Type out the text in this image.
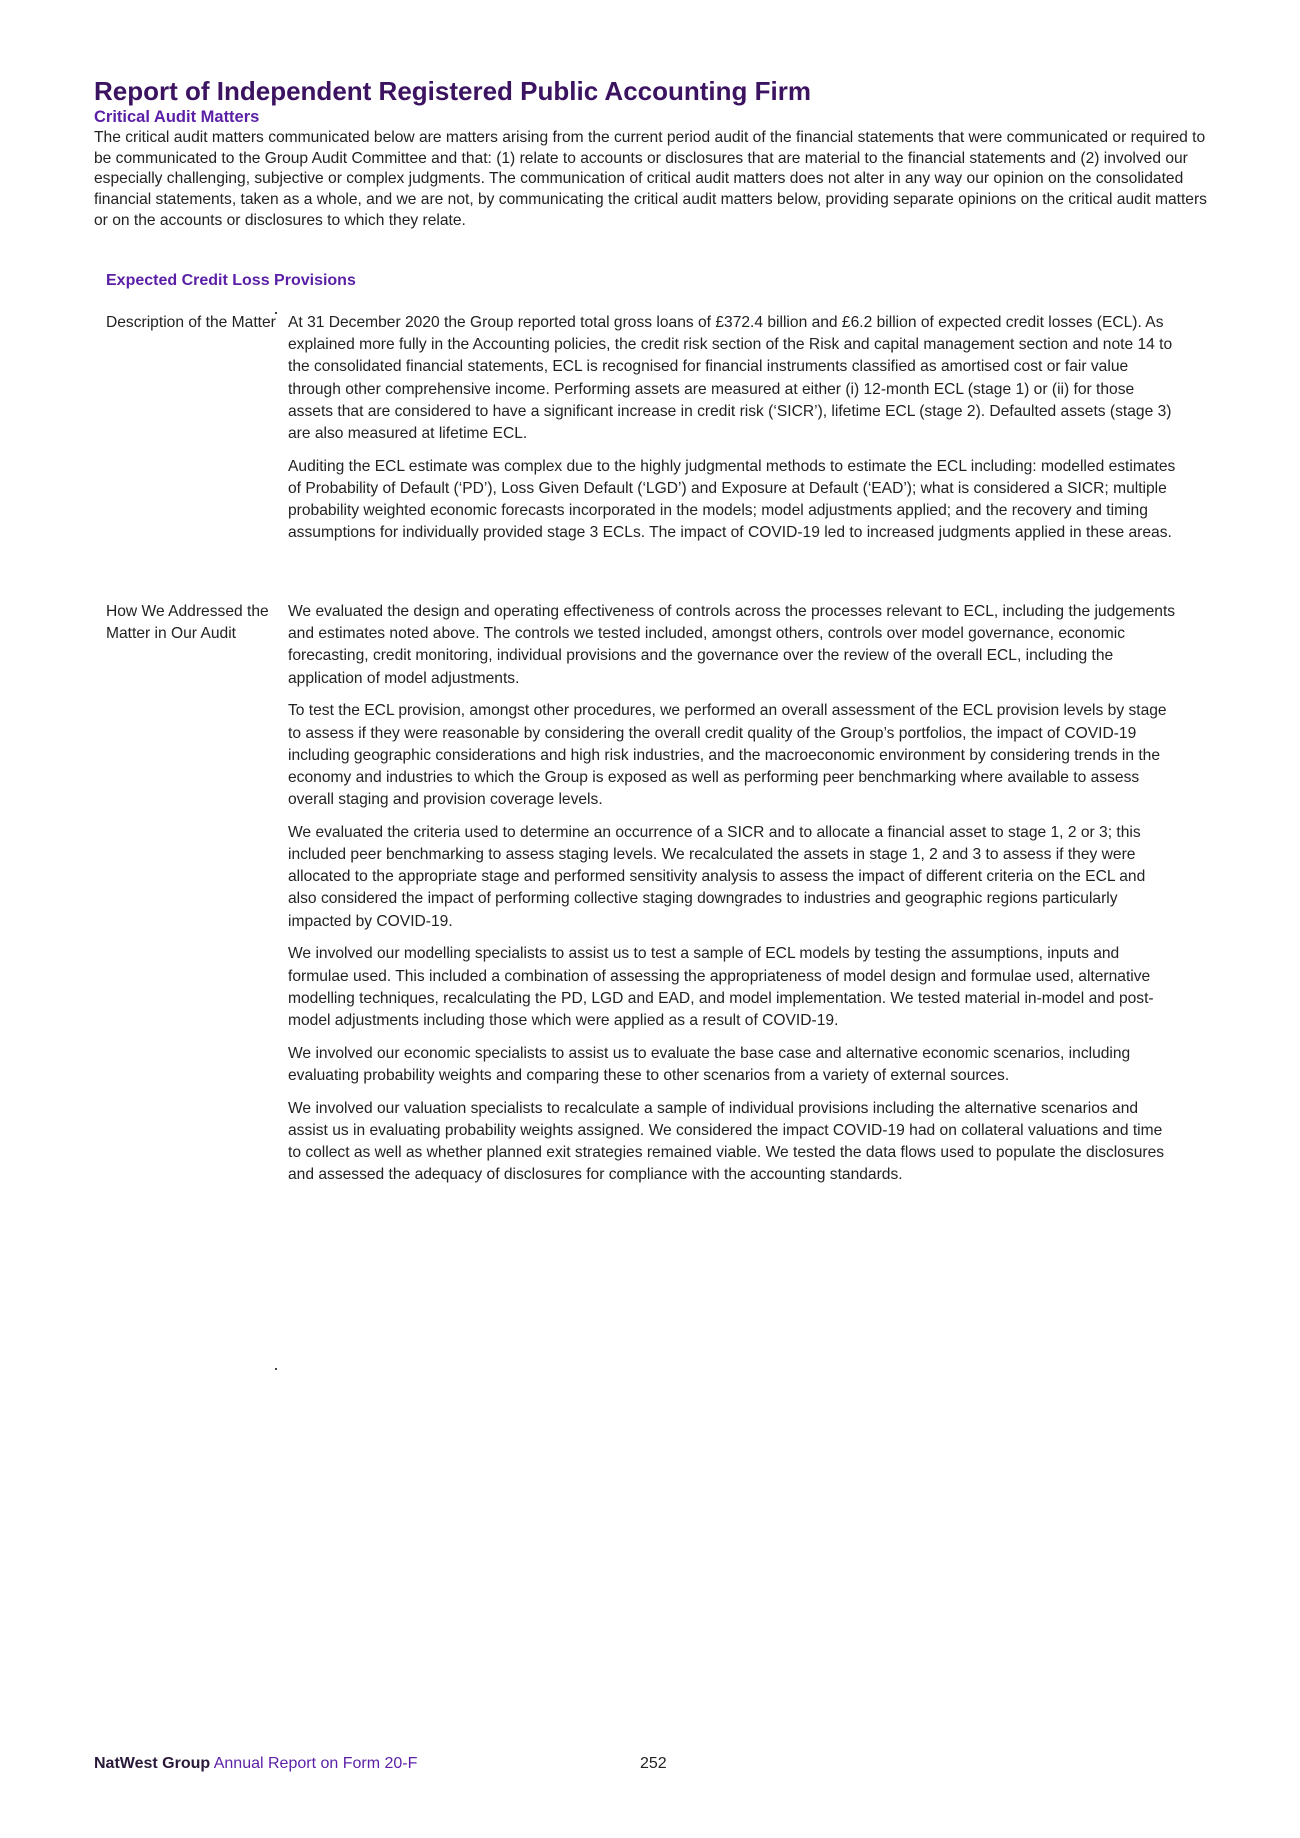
Report of Independent Registered Public Accounting Firm
Critical Audit Matters

The critical audit matters communicated below are matters arising from the current period audit of the financial statements that were communicated or required to be communicated to the Group Audit Committee and that: (1) relate to accounts or disclosures that are material to the financial statements and (2) involved our especially challenging, subjective or complex judgments. The communication of critical audit matters does not alter in any way our opinion on the consolidated financial statements, taken as a whole, and we are not, by communicating the critical audit matters below, providing separate opinions on the critical audit matters or on the accounts or disclosures to which they relate.

Expected Credit Loss Provisions
Description of the Matter At 31 December 2020 the Group reported total gross loans of £372.4 billion and £6.2 billion of expected credit losses (ECL). As explained more fully in the Accounting policies, the credit risk section of the Risk and capital management section and note 14 to the consolidated financial statements, ECL is recognised for financial instruments classified as amortised cost or fair value through other comprehensive income. Performing assets are measured at either (i) 12-month ECL (stage 1) or (ii) for those assets that are considered to have a significant increase in credit risk (‘SICR’), lifetime ECL (stage 2). Defaulted assets (stage 3) are also measured at lifetime ECL.

Auditing the ECL estimate was complex due to the highly judgmental methods to estimate the ECL including: modelled estimates of Probability of Default (‘PD’), Loss Given Default (‘LGD’) and Exposure at Default (‘EAD’); what is considered a SICR; multiple probability weighted economic forecasts incorporated in the models; model adjustments applied; and the recovery and timing assumptions for individually provided stage 3 ECLs. The impact of COVID-19 led to increased judgments applied in these areas.

How We Addressed the Matter in Our Audit

We evaluated the design and operating effectiveness of controls across the processes relevant to ECL, including the judgements and estimates noted above. The controls we tested included, amongst others, controls over model governance, economic forecasting, credit monitoring, individual provisions and the governance over the review of the overall ECL, including the application of model adjustments.

To test the ECL provision, amongst other procedures, we performed an overall assessment of the ECL provision levels by stage to assess if they were reasonable by considering the overall credit quality of the Group’s portfolios, the impact of COVID-19 including geographic considerations and high risk industries, and the macroeconomic environment by considering trends in the economy and industries to which the Group is exposed as well as performing peer benchmarking where available to assess overall staging and provision coverage levels.

We evaluated the criteria used to determine an occurrence of a SICR and to allocate a financial asset to stage 1, 2 or 3; this included peer benchmarking to assess staging levels. We recalculated the assets in stage 1, 2 and 3 to assess if they were allocated to the appropriate stage and performed sensitivity analysis to assess the impact of different criteria on the ECL and also considered the impact of performing collective staging downgrades to industries and geographic regions particularly impacted by COVID-19.

We involved our modelling specialists to assist us to test a sample of ECL models by testing the assumptions, inputs and formulae used. This included a combination of assessing the appropriateness of model design and formulae used, alternative modelling techniques, recalculating the PD, LGD and EAD, and model implementation. We tested material in-model and post-model adjustments including those which were applied as a result of COVID-19.

We involved our economic specialists to assist us to evaluate the base case and alternative economic scenarios, including evaluating probability weights and comparing these to other scenarios from a variety of external sources.

We involved our valuation specialists to recalculate a sample of individual provisions including the alternative scenarios and assist us in evaluating probability weights assigned. We considered the impact COVID-19 had on collateral valuations and time to collect as well as whether planned exit strategies remained viable. We tested the data flows used to populate the disclosures and assessed the adequacy of disclosures for compliance with the accounting standards.

NatWest Group Annual Report on Form 20-F	252
